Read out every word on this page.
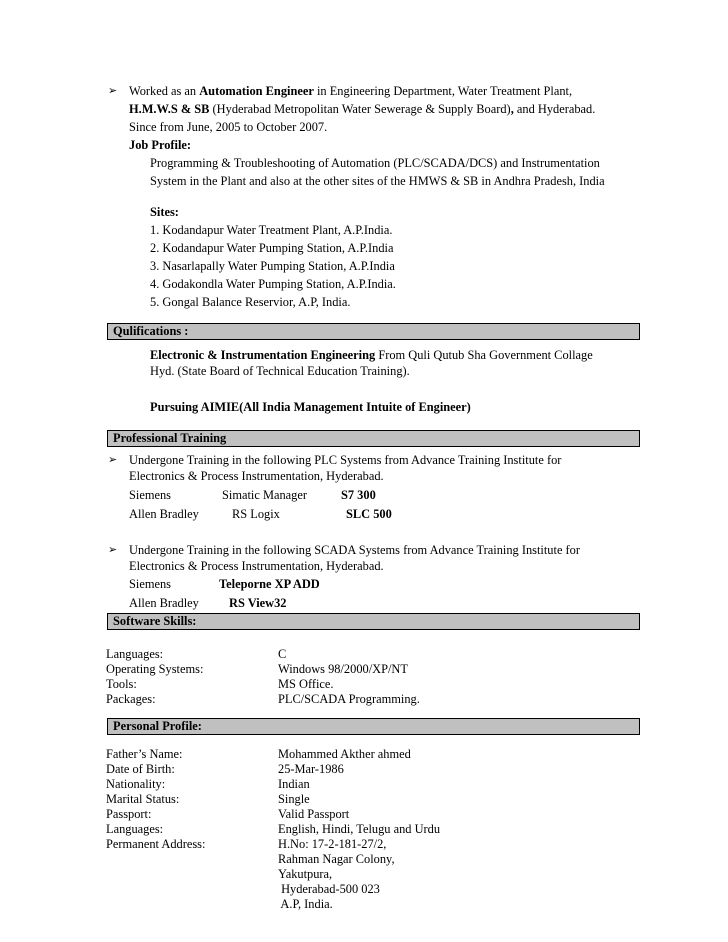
➢ Worked as an Automation Engineer in Engineering Department, Water Treatment Plant,
H.M.W.S & SB (Hyderabad Metropolitan Water Sewerage & Supply Board), and Hyderabad.
Since from June, 2005 to October 2007.
Job Profile:
Programming & Troubleshooting of Automation (PLC/SCADA/DCS) and Instrumentation
System in the Plant and also at the other sites of the HMWS & SB in Andhra Pradesh, India
Sites:
1. Kodandapur Water Treatment Plant, A.P.India.
2. Kodandapur Water Pumping Station, A.P.India
3. Nasarlapally Water Pumping Station, A.P.India
4. Godakondla Water Pumping Station, A.P.India.
5. Gongal Balance Reservior, A.P, India.
Qulifications :
Electronic & Instrumentation Engineering From Quli Qutub Sha Government Collage
Hyd. (State Board of Technical Education Training).
Pursuing AIMIE(All India Management Intuite of Engineer)
Professional Training
➢ Undergone Training in the following PLC Systems from Advance Training Institute for
Electronics & Process Instrumentation, Hyderabad.
Siemens	Simatic Manager	S7 300
Allen Bradley	RS Logix	SLC 500
➢ Undergone Training in the following SCADA Systems from Advance Training Institute for
Electronics & Process Instrumentation, Hyderabad.
Siemens	Teleporne XP ADD
Allen Bradley RS View32
Software Skills:
Languages:	C
Operating Systems:	Windows 98/2000/XP/NT
Tools:	MS Office.
Packages:	PLC/SCADA Programming.
Personal Profile:
Father’s Name:	Mohammed Akther ahmed
Date of Birth:	25-Mar-1986
Nationality:	Indian
Marital Status:	Single
Passport:	Valid Passport
Languages:	English, Hindi, Telugu and Urdu
Permanent Address:	H.No: 17-2-181-27/2,
Rahman Nagar Colony,
Yakutpura,
Hyderabad-500 023
A.P, India.
